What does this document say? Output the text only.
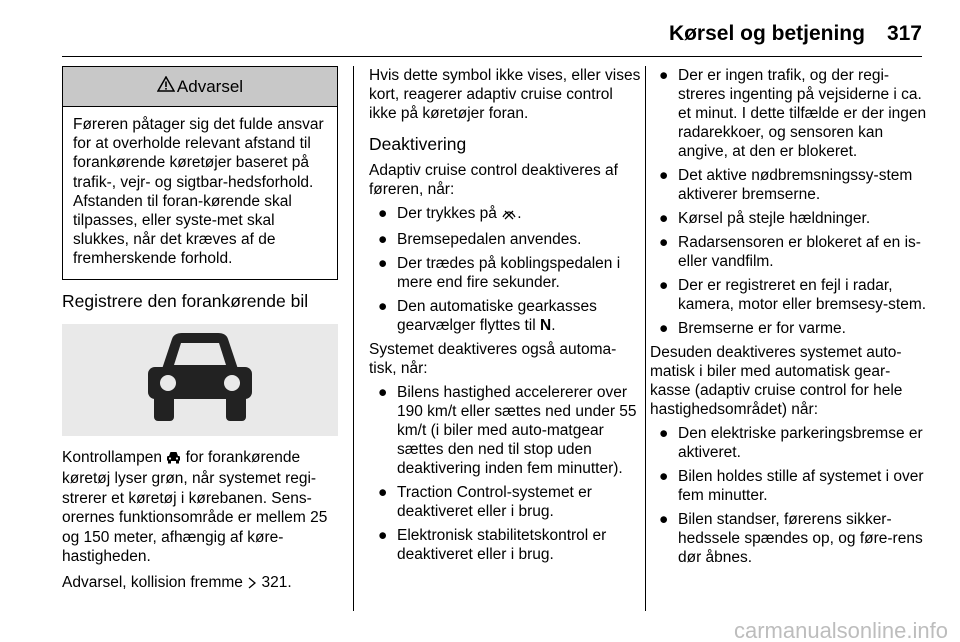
Kørsel og betjening 317
Advarsel
Føreren påtager sig det fulde ansvar for at overholde relevant afstand til forankørende køretøjer baseret på trafik-, vejr- og sigtbar-hedsforhold. Afstanden til foran-kørende skal tilpasses, eller syste-met skal slukkes, når det kræves af de fremherskende forhold.
Registrere den forankørende bil

Kontrollampen  for forankørende køretøj lyser grøn, når systemet regi-strerer et køretøj i kørebanen. Sens-orernes funktionsområde er mellem 25 og 150 meter, afhængig af køre-hastigheden.

Advarsel, kollision fremme  321.

Hvis dette symbol ikke vises, eller vises kort, reagerer adaptiv cruise control ikke på køretøjer foran.

Deaktivering

Adaptiv cruise control deaktiveres af føreren, når:

● Der trykkes på .
● Bremsepedalen anvendes.
● Der trædes på koblingspedalen i mere end fire sekunder.
● Den automatiske gearkasses gearvælger flyttes til N.

Systemet deaktiveres også automa-tisk, når:

● Bilens hastighed accelererer over 190 km/t eller sættes ned under 55 km/t (i biler med auto-matgear sættes den ned til stop uden deaktivering inden fem minutter).
● Traction Control-systemet er deaktiveret eller i brug.
● Elektronisk stabilitetskontrol er deaktiveret eller i brug.
● Der er ingen trafik, og der regi-streres ingenting på vejsiderne i ca. et minut. I dette tilfælde er der ingen radarekkoer, og sensoren kan angive, at den er blokeret.
● Det aktive nødbremsningssy-stem aktiverer bremserne.
● Kørsel på stejle hældninger.
● Radarsensoren er blokeret af en is- eller vandfilm.
● Der er registreret en fejl i radar, kamera, motor eller bremsesy-stem.
● Bremserne er for varme.

Desuden deaktiveres systemet auto-matisk i biler med automatisk gear-kasse (adaptiv cruise control for hele hastighedsområdet) når:

● Den elektriske parkeringsbremse er aktiveret.
● Bilen holdes stille af systemet i over fem minutter.
● Bilen standser, førerens sikker-hedssele spændes op, og føre-rens dør åbnes.
carmanualsonline.info
